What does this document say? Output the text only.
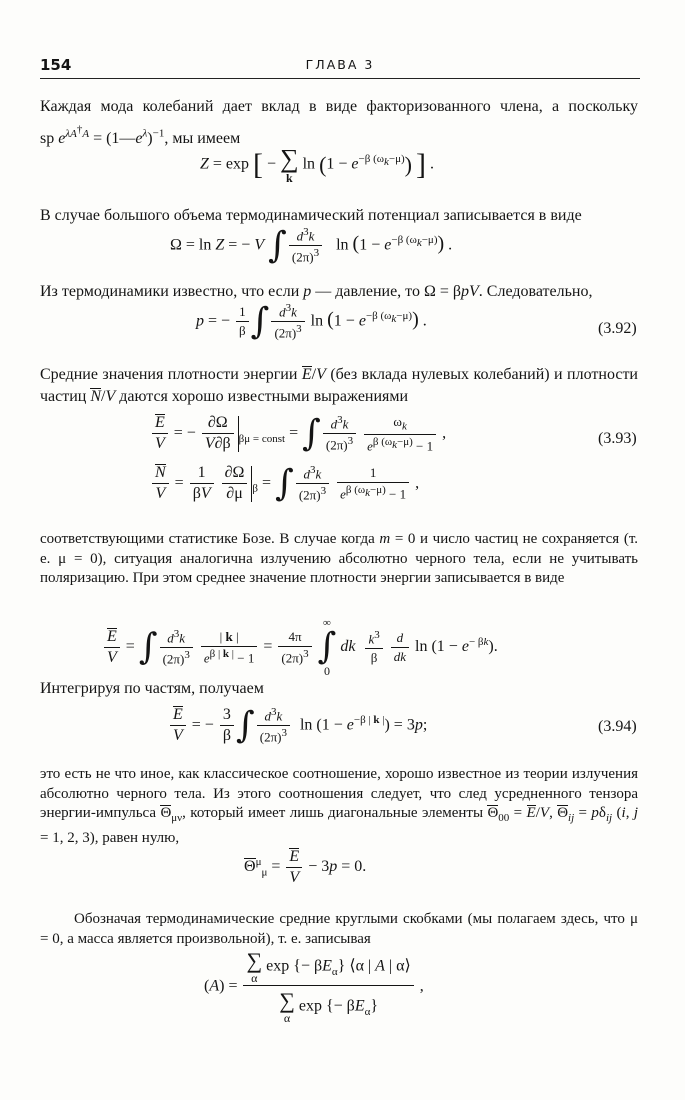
154	ГЛАВА 3
Каждая мода колебаний дает вклад в виде факторизованного члена, а поскольку sp $e^{\lambda A^\dagger A}$ = $(1—e^\lambda)^{-1}$, мы имеем
Z = exp [ − ∑
k
$\ln (1 - e^{-\beta (\omega_k-\mu)})$ ] .
В случае большого объема термодинамический потенциал записывается в виде
Ω = ln Z = − V ∫ $\frac{d^3k}{(2\pi)^3}$ $\ln (1 - e^{-\beta (\omega_k-\mu)})$ .
Из термодинамики известно, что если p — давление, то Ω = βpV. Следовательно,
p = − $\frac{1}{\beta}$ ∫ $\frac{d^3k}{(2\pi)^3}$ $\ln (1 - e^{-\beta (\omega_k-\mu)})$ .	(3.92)
Средние значения плотности энергии E/V (без вклада нулевых колебаний) и плотности частиц N/V даются хорошо известными выражениями
$\frac{E}{V}$ = − $\frac{\partial\Omega}{V\partial\beta} _{\beta\mu = const}$ = ∫ $\frac{d^3k}{(2\pi)^3}$
$\frac{\omega_k}{e^{\beta (\omega_k-\mu)} - 1}$ ,	(3.93)
$\frac{N}{V} = \frac{1}{\beta V}$
$\frac{\partial\Omega}{\partial\mu} _\beta$ = ∫ $\frac{d^3k}{(2\pi)^3}$
$\frac{1}{e^{\beta (\omega_k-\mu)} - 1}$ ,
соответствующими статистике Бозе. В случае когда m = 0 и число частиц не сохраняется (т. е. μ = 0), ситуация аналогична излучению абсолютно черного тела, если не учитывать поляризацию. При этом среднее значение плотности энергии записывается в виде
$\frac{E}{V}$ = ∫ $\frac{d^3k}{(2\pi)^3}$
$\frac{| k |}{e^{\beta | k |} - 1} = \frac{4\pi}{(2\pi)^3}$

∞
∫
0
dk $\frac{k^3}{\beta}$
$\frac{d}{dk}$ $\ln (1 - e^{- \beta k})$.
Интегрируя по частям, получаем
$\frac{E}{V}$ = − $\frac{3}{\beta}$ ∫ $\frac{d^3k}{(2\pi)^3}$ $\ln (1 - e^{-\beta | k |}) = 3p$;	(3.94)
это есть не что иное, как классическое соотношение, хорошо известное из теории излучения абсолютно черного тела. Из этого соотношения следует, что след усредненного тензора энергии-импульса $\Theta_{\mu\nu}$, который имеет лишь диагональные элементы $\Theta_{00} = E/V$, $\Theta_{ij} = p\delta_{ij}$ (i, j = 1, 2, 3), равен нулю,
$\Theta^\mu_\mu = \frac{E}{V} - 3p = 0$.
Обозначая термодинамические средние круглыми скобками (мы полагаем здесь, что μ = 0, а масса является произвольной), т. е. записывая
(A) =
∑
α
exp {− $\beta E_\alpha$} ⟨α | A | α⟩
∑
α
exp {− $\beta E_\alpha$}
,
